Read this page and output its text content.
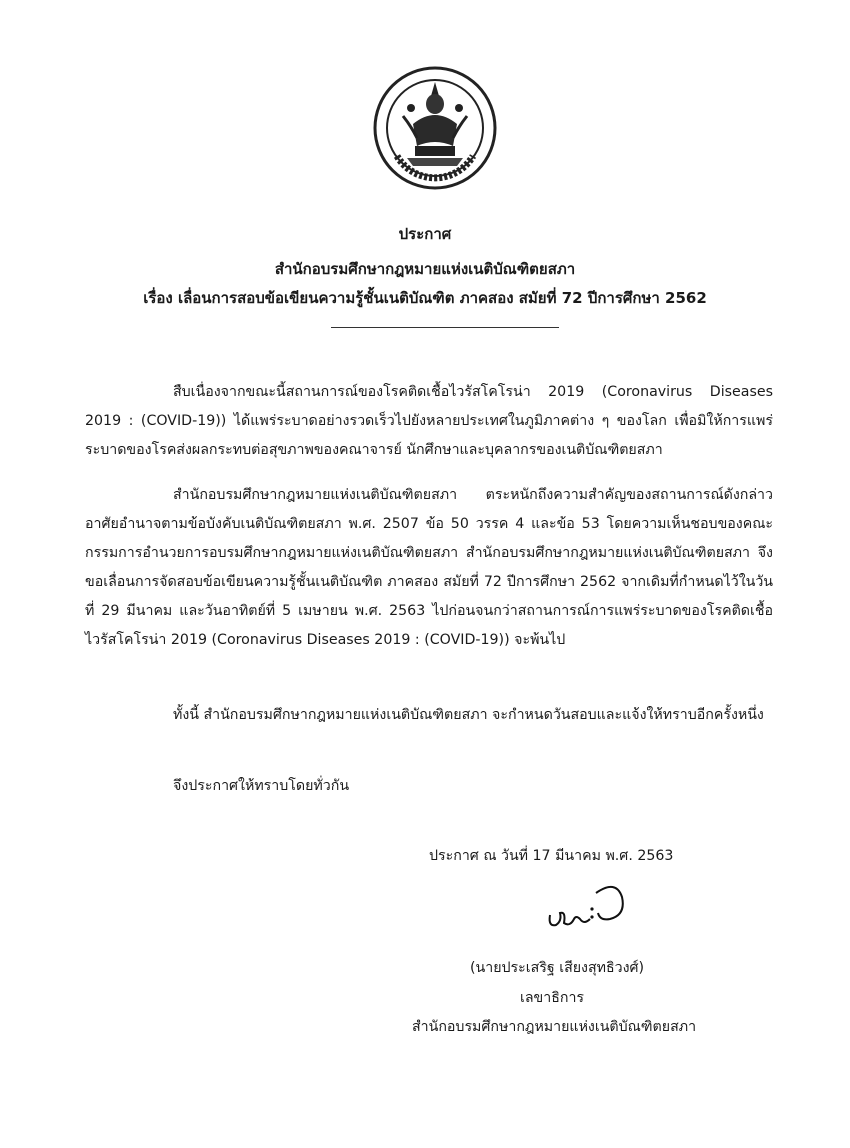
ประกาศ
สำนักอบรมศึกษากฎหมายแห่งเนติบัณฑิตยสภา
เรื่อง เลื่อนการสอบข้อเขียนความรู้ชั้นเนติบัณฑิต ภาคสอง สมัยที่ 72 ปีการศึกษา 2562

สืบเนื่องจากขณะนี้สถานการณ์ของโรคติดเชื้อไวรัสโคโรน่า 2019 (Coronavirus Diseases 2019 : (COVID-19)) ได้แพร่ระบาดอย่างรวดเร็วไปยังหลายประเทศในภูมิภาคต่าง ๆ ของโลก เพื่อมิให้การแพร่ระบาดของโรคส่งผลกระทบต่อสุขภาพของคณาจารย์ นักศึกษาและบุคลากรของเนติบัณฑิตยสภา

สำนักอบรมศึกษากฎหมายแห่งเนติบัณฑิตยสภา ตระหนักถึงความสำคัญของสถานการณ์ดังกล่าว อาศัยอำนาจตามข้อบังคับเนติบัณฑิตยสภา พ.ศ. 2507 ข้อ 50 วรรค 4 และข้อ 53 โดยความเห็นชอบของคณะกรรมการอำนวยการอบรมศึกษากฎหมายแห่งเนติบัณฑิตยสภา สำนักอบรมศึกษากฎหมายแห่งเนติบัณฑิตยสภา จึงขอเลื่อนการจัดสอบข้อเขียนความรู้ชั้นเนติบัณฑิต ภาคสอง สมัยที่ 72 ปีการศึกษา 2562 จากเดิมที่กำหนดไว้ในวันที่ 29 มีนาคม และวันอาทิตย์ที่ 5 เมษายน พ.ศ. 2563 ไปก่อนจนกว่าสถานการณ์การแพร่ระบาดของโรคติดเชื้อไวรัสโคโรน่า 2019 (Coronavirus Diseases 2019 : (COVID-19)) จะพ้นไป

ทั้งนี้ สำนักอบรมศึกษากฎหมายแห่งเนติบัณฑิตยสภา จะกำหนดวันสอบและแจ้งให้ทราบอีกครั้งหนึ่ง

จึงประกาศให้ทราบโดยทั่วกัน

ประกาศ ณ วันที่ 17 มีนาคม พ.ศ. 2563
(นายประเสริฐ เสียงสุทธิวงศ์)
เลขาธิการ
สำนักอบรมศึกษากฎหมายแห่งเนติบัณฑิตยสภา
